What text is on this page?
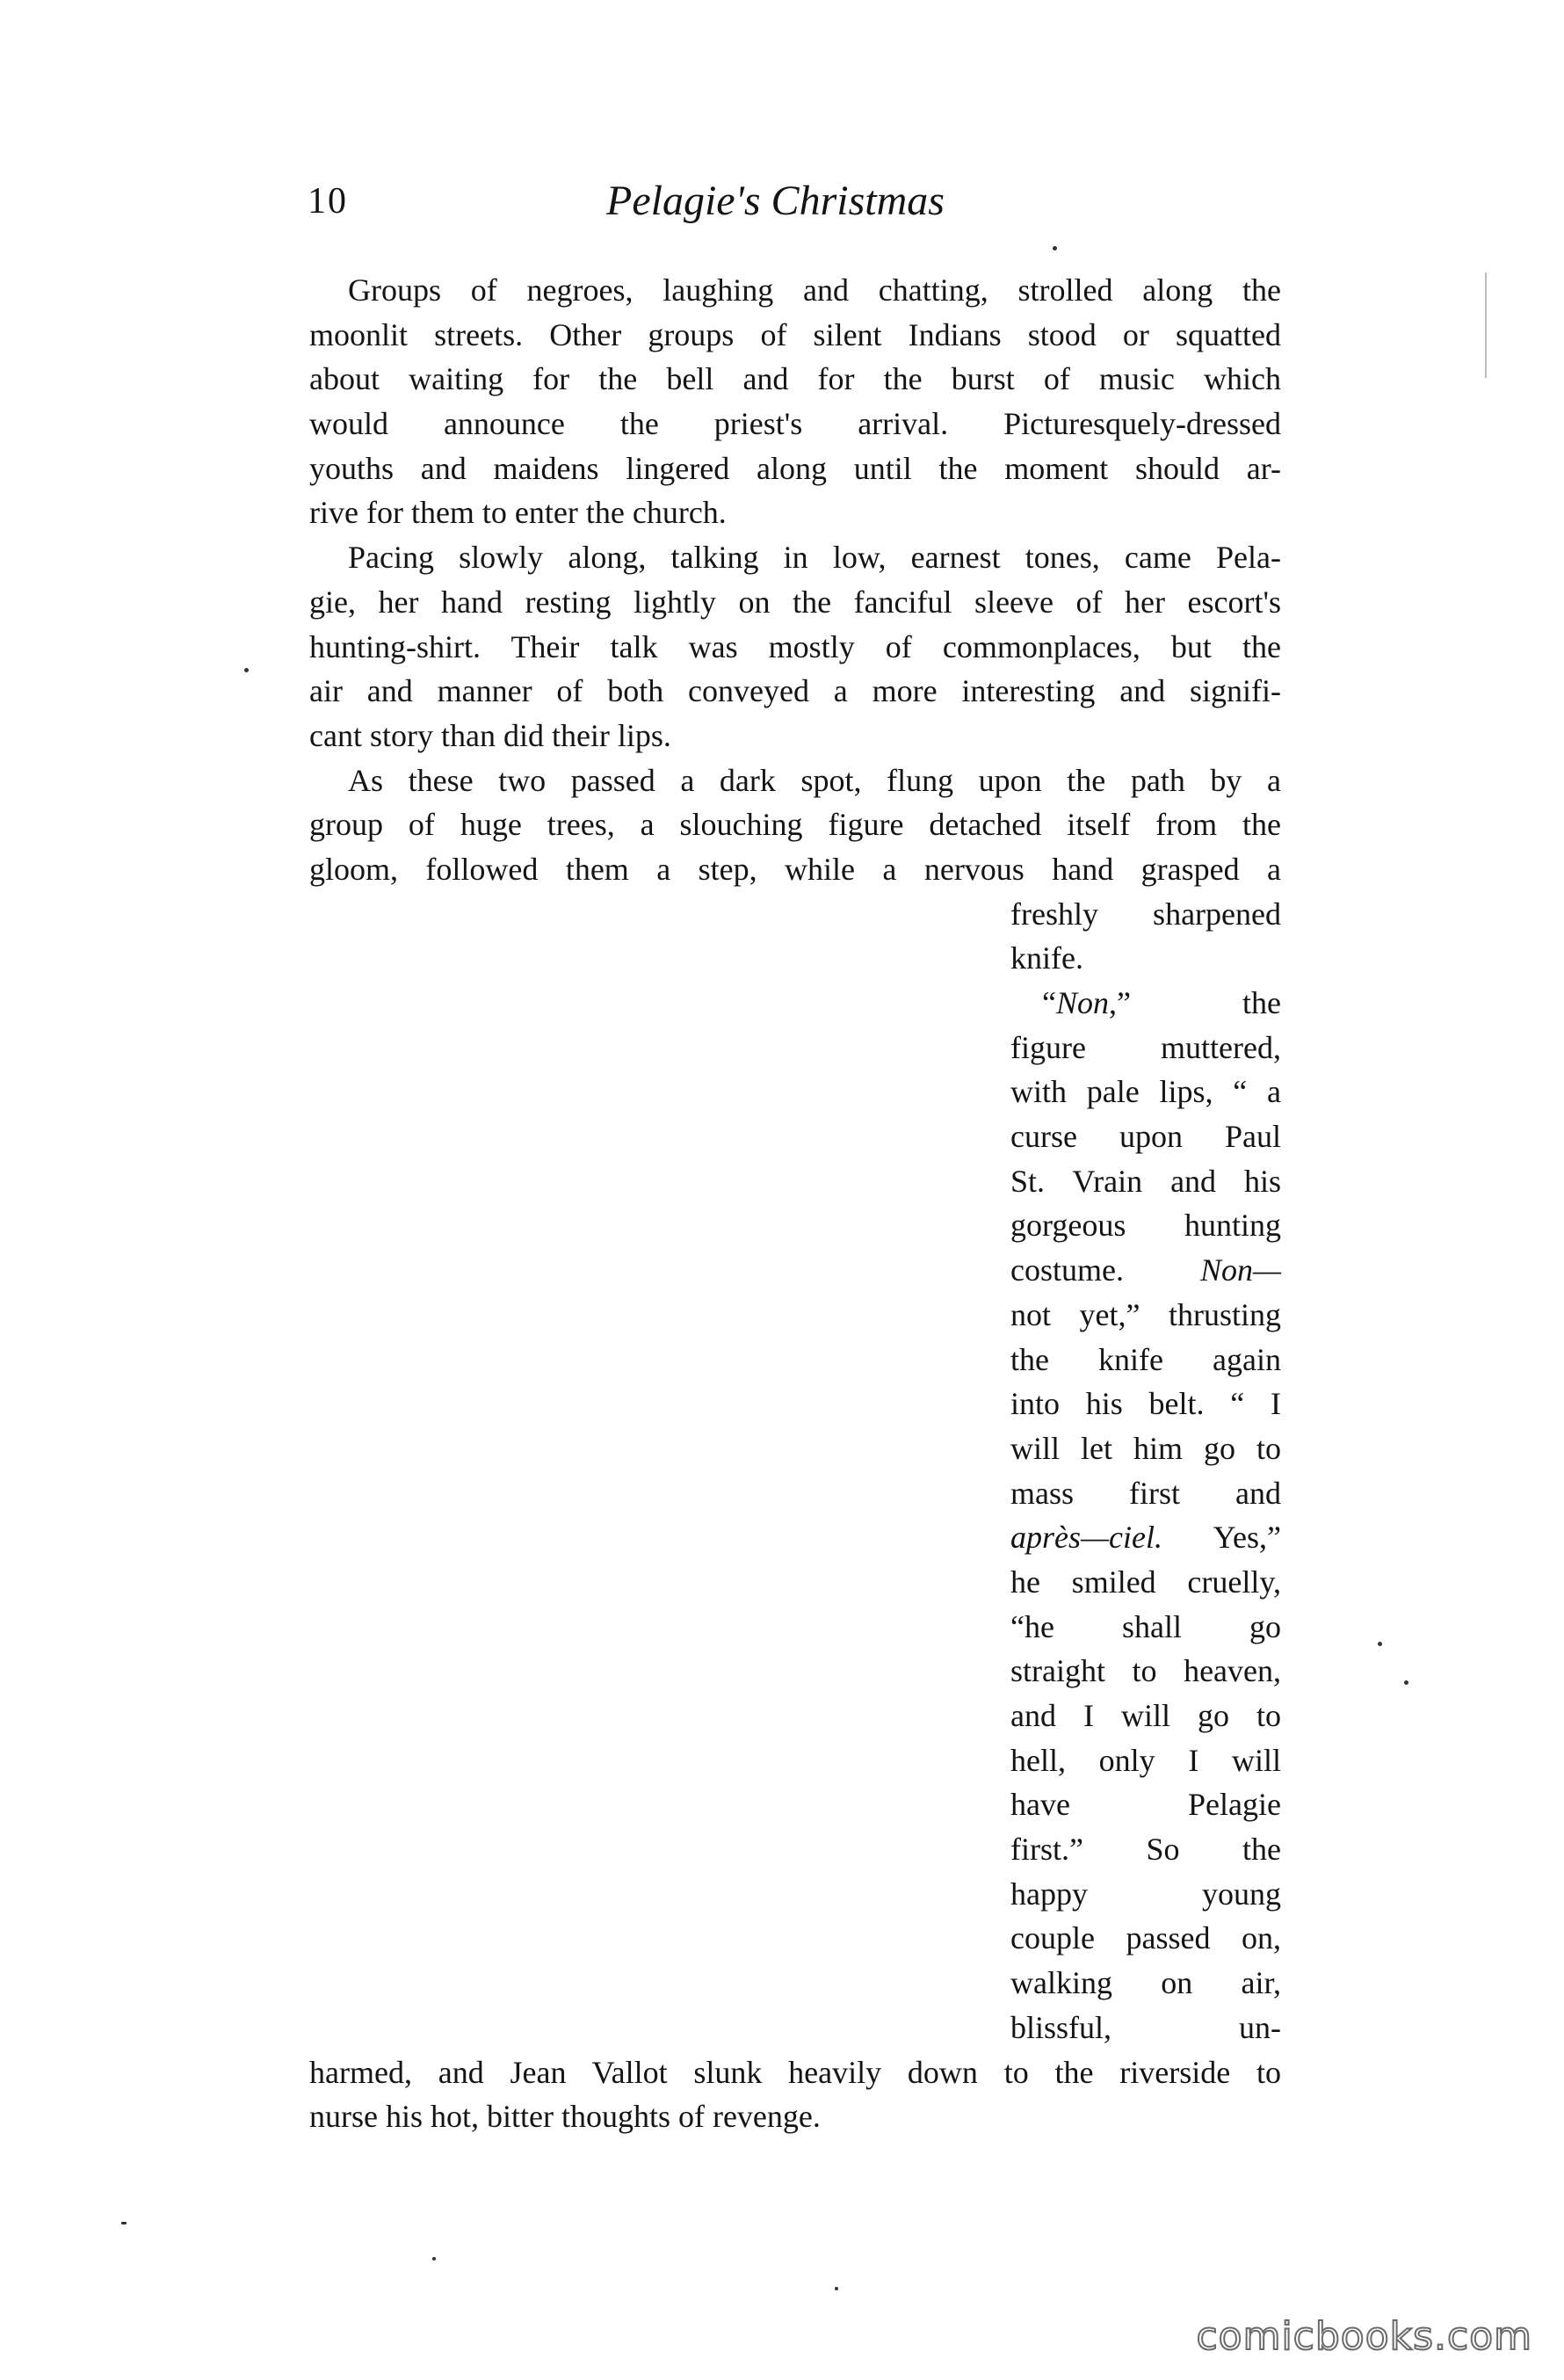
10	Pelagie's Christmas
Groups of negroes, laughing and chatting, strolled along the
moonlit streets. Other groups of silent Indians stood or squatted
about waiting for the bell and for the burst of music which
would announce the priest's arrival. Picturesquely-dressed
youths and maidens lingered along until the moment should ar-
rive for them to enter the church.
Pacing slowly along, talking in low, earnest tones, came Pela-
gie, her hand resting lightly on the fanciful sleeve of her escort's
hunting-shirt. Their talk was mostly of commonplaces, but the
air and manner of both conveyed a more interesting and signifi-
cant story than did their lips.
As these two passed a dark spot, flung upon the path by a
group of huge trees, a slouching figure detached itself from the
gloom, followed them a step, while a nervous hand grasped a
freshly sharpened
knife.
“Non,” the
figure muttered,
with pale lips, “ a
curse upon Paul
St. Vrain and his
gorgeous hunting
costume. Non—
not yet,” thrusting
the knife again
into his belt. “ I
will let him go to
mass first and
après—ciel. Yes,”
he smiled cruelly,
“he shall go
straight to heaven,
and I will go to
hell, only I will
have Pelagie
first.” So the
happy young
couple passed on,
walking on air,
blissful, un-
harmed, and Jean Vallot slunk heavily down to the riverside to
nurse his hot, bitter thoughts of revenge.
comicbooks.com
